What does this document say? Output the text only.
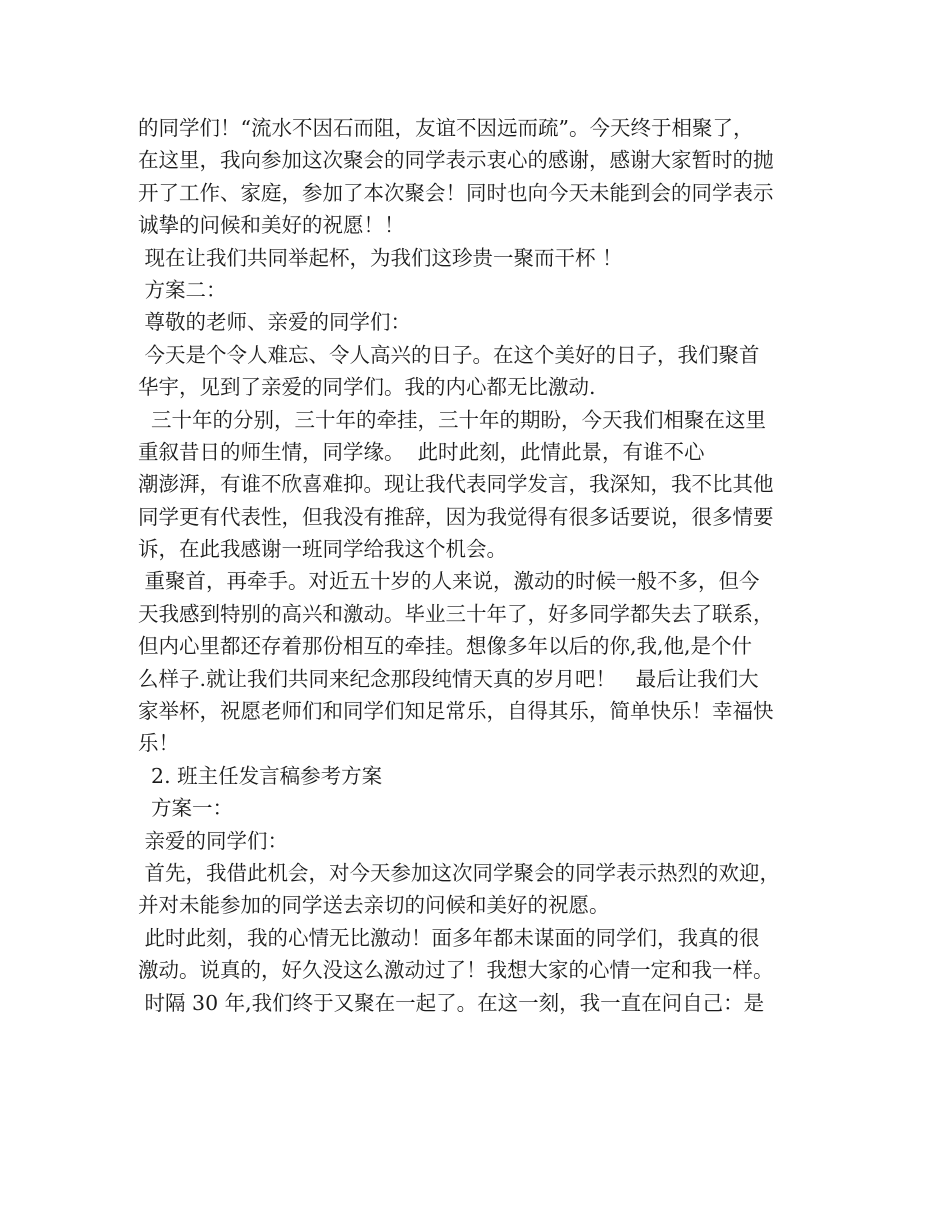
的同学们！“流水不因石而阻，友谊不因远而疏”。今天终于相聚了，
在这里，我向参加这次聚会的同学表示衷心的感谢，感谢大家暂时的抛
开了工作、家庭，参加了本次聚会！同时也向今天未能到会的同学表示
诚挚的问候和美好的祝愿！！
现在让我们共同举起杯，为我们这珍贵一聚而干杯 ！
方案二：
尊敬的老师、亲爱的同学们：
今天是个令人难忘、令人高兴的日子。在这个美好的日子，我们聚首
华宇，见到了亲爱的同学们。我的内心都无比激动.
三十年的分别，三十年的牵挂，三十年的期盼，今天我们相聚在这里
重叙昔日的师生情，同学缘。  此时此刻，此情此景，有谁不心
潮澎湃，有谁不欣喜难抑。现让我代表同学发言，我深知，我不比其他
同学更有代表性，但我没有推辞，因为我觉得有很多话要说，很多情要
诉，在此我感谢一班同学给我这个机会。
重聚首，再牵手。对近五十岁的人来说，激动的时候一般不多，但今
天我感到特别的高兴和激动。毕业三十年了，好多同学都失去了联系，
但内心里都还存着那份相互的牵挂。想像多年以后的你,我,他,是个什
么样子.就让我们共同来纪念那段纯情天真的岁月吧！   最后让我们大
家举杯，祝愿老师们和同学们知足常乐，自得其乐，简单快乐！幸福快
乐！
2. 班主任发言稿参考方案
方案一：
亲爱的同学们：
首先，我借此机会，对今天参加这次同学聚会的同学表示热烈的欢迎，
并对未能参加的同学送去亲切的问候和美好的祝愿。
此时此刻，我的心情无比激动！面多年都未谋面的同学们，我真的很
激动。说真的，好久没这么激动过了！我想大家的心情一定和我一样。
时隔 30 年,我们终于又聚在一起了。在这一刻，我一直在问自己：是
